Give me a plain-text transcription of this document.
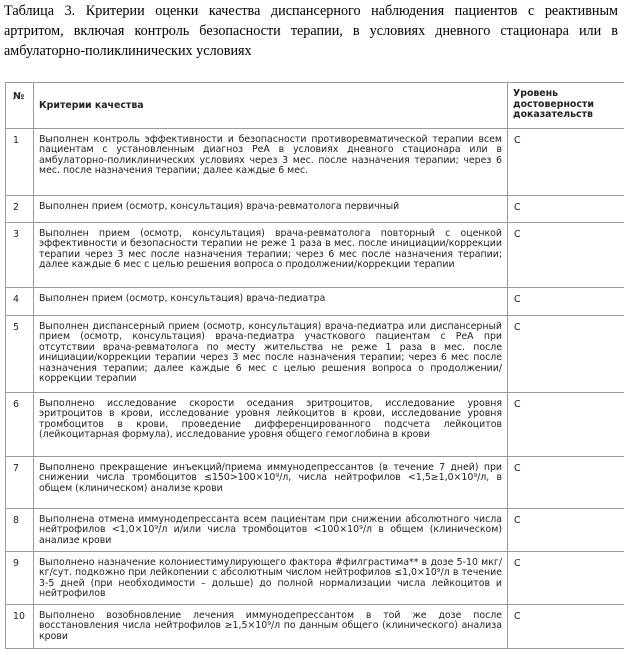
Таблица 3. Критерии оценки качества диспансерного наблюдения пациентов с реактивным артритом, включая контроль безопасности терапии, в условиях дневного стационара или в амбулаторно-поликлинических условиях
№	Критерии качества	Уровень достоверности доказательств
1	Выполнен контроль эффективности и безопасности противоревматической терапии всем пациентам с установленным диагноз РеА в условиях дневного стационара или в амбулаторно-поликлинических условиях через 3 мес. после назначения терапии; через 6 мес. после назначения терапии; далее каждые 6 мес.	С
2	Выполнен прием (осмотр, консультация) врача-ревматолога первичный	С
3	Выполнен прием (осмотр, консультация) врача-ревматолога повторный с оценкой эффективности и безопасности терапии не реже 1 раза в мес. после инициации/коррекции терапии через 3 мес после назначения терапии; через 6 мес после назначения терапии; далее каждые 6 мес с целью решения вопроса о продолжении/коррекции терапии	С
4	Выполнен прием (осмотр, консультация) врача-педиатра	С
5	Выполнен диспансерный прием (осмотр, консультация) врача-педиатра или диспансерный прием (осмотр, консультация) врача-педиатра участкового пациентам с РеА при отсутствии врача-ревматолога по месту жительства не реже 1 раза в мес. после инициации/коррекции терапии через 3 мес после назначения терапии; через 6 мес после назначения терапии; далее каждые 6 мес с целью решения вопроса о продолжении/коррекции терапии	С
6	Выполнено исследование скорости оседания эритроцитов, исследование уровня эритроцитов в крови, исследование уровня лейкоцитов в крови, исследование уровня тромбоцитов в крови, проведение дифференцированного подсчета лейкоцитов (лейкоцитарная формула), исследование уровня общего гемоглобина в крови	С
7	Выполнено прекращение инъекций/приема иммунодепрессантов (в течение 7 дней) при снижении числа тромбоцитов ≤150>100×10⁹/л, числа нейтрофилов <1,5≥1,0×10⁹/л, в общем (клиническом) анализе крови	С
8	Выполнена отмена иммунодепрессанта всем пациентам при снижении абсолютного числа нейтрофилов <1,0×10⁹/л и/или числа тромбоцитов <100×10⁹/л в общем (клиническом) анализе крови	С
9	Выполнено назначение колониестимулирующего фактора #филграстима** в дозе 5-10 мкг/кг/сут. подкожно при лейкопении с абсолютным числом нейтрофилов ≤1,0×10⁹/л в течение 3-5 дней (при необходимости – дольше) до полной нормализации числа лейкоцитов и нейтрофилов	С
10	Выполнено возобновление лечения иммунодепрессантом в той же дозе после восстановления числа нейтрофилов ≥1,5×10⁹/л по данным общего (клинического) анализа крови	С
